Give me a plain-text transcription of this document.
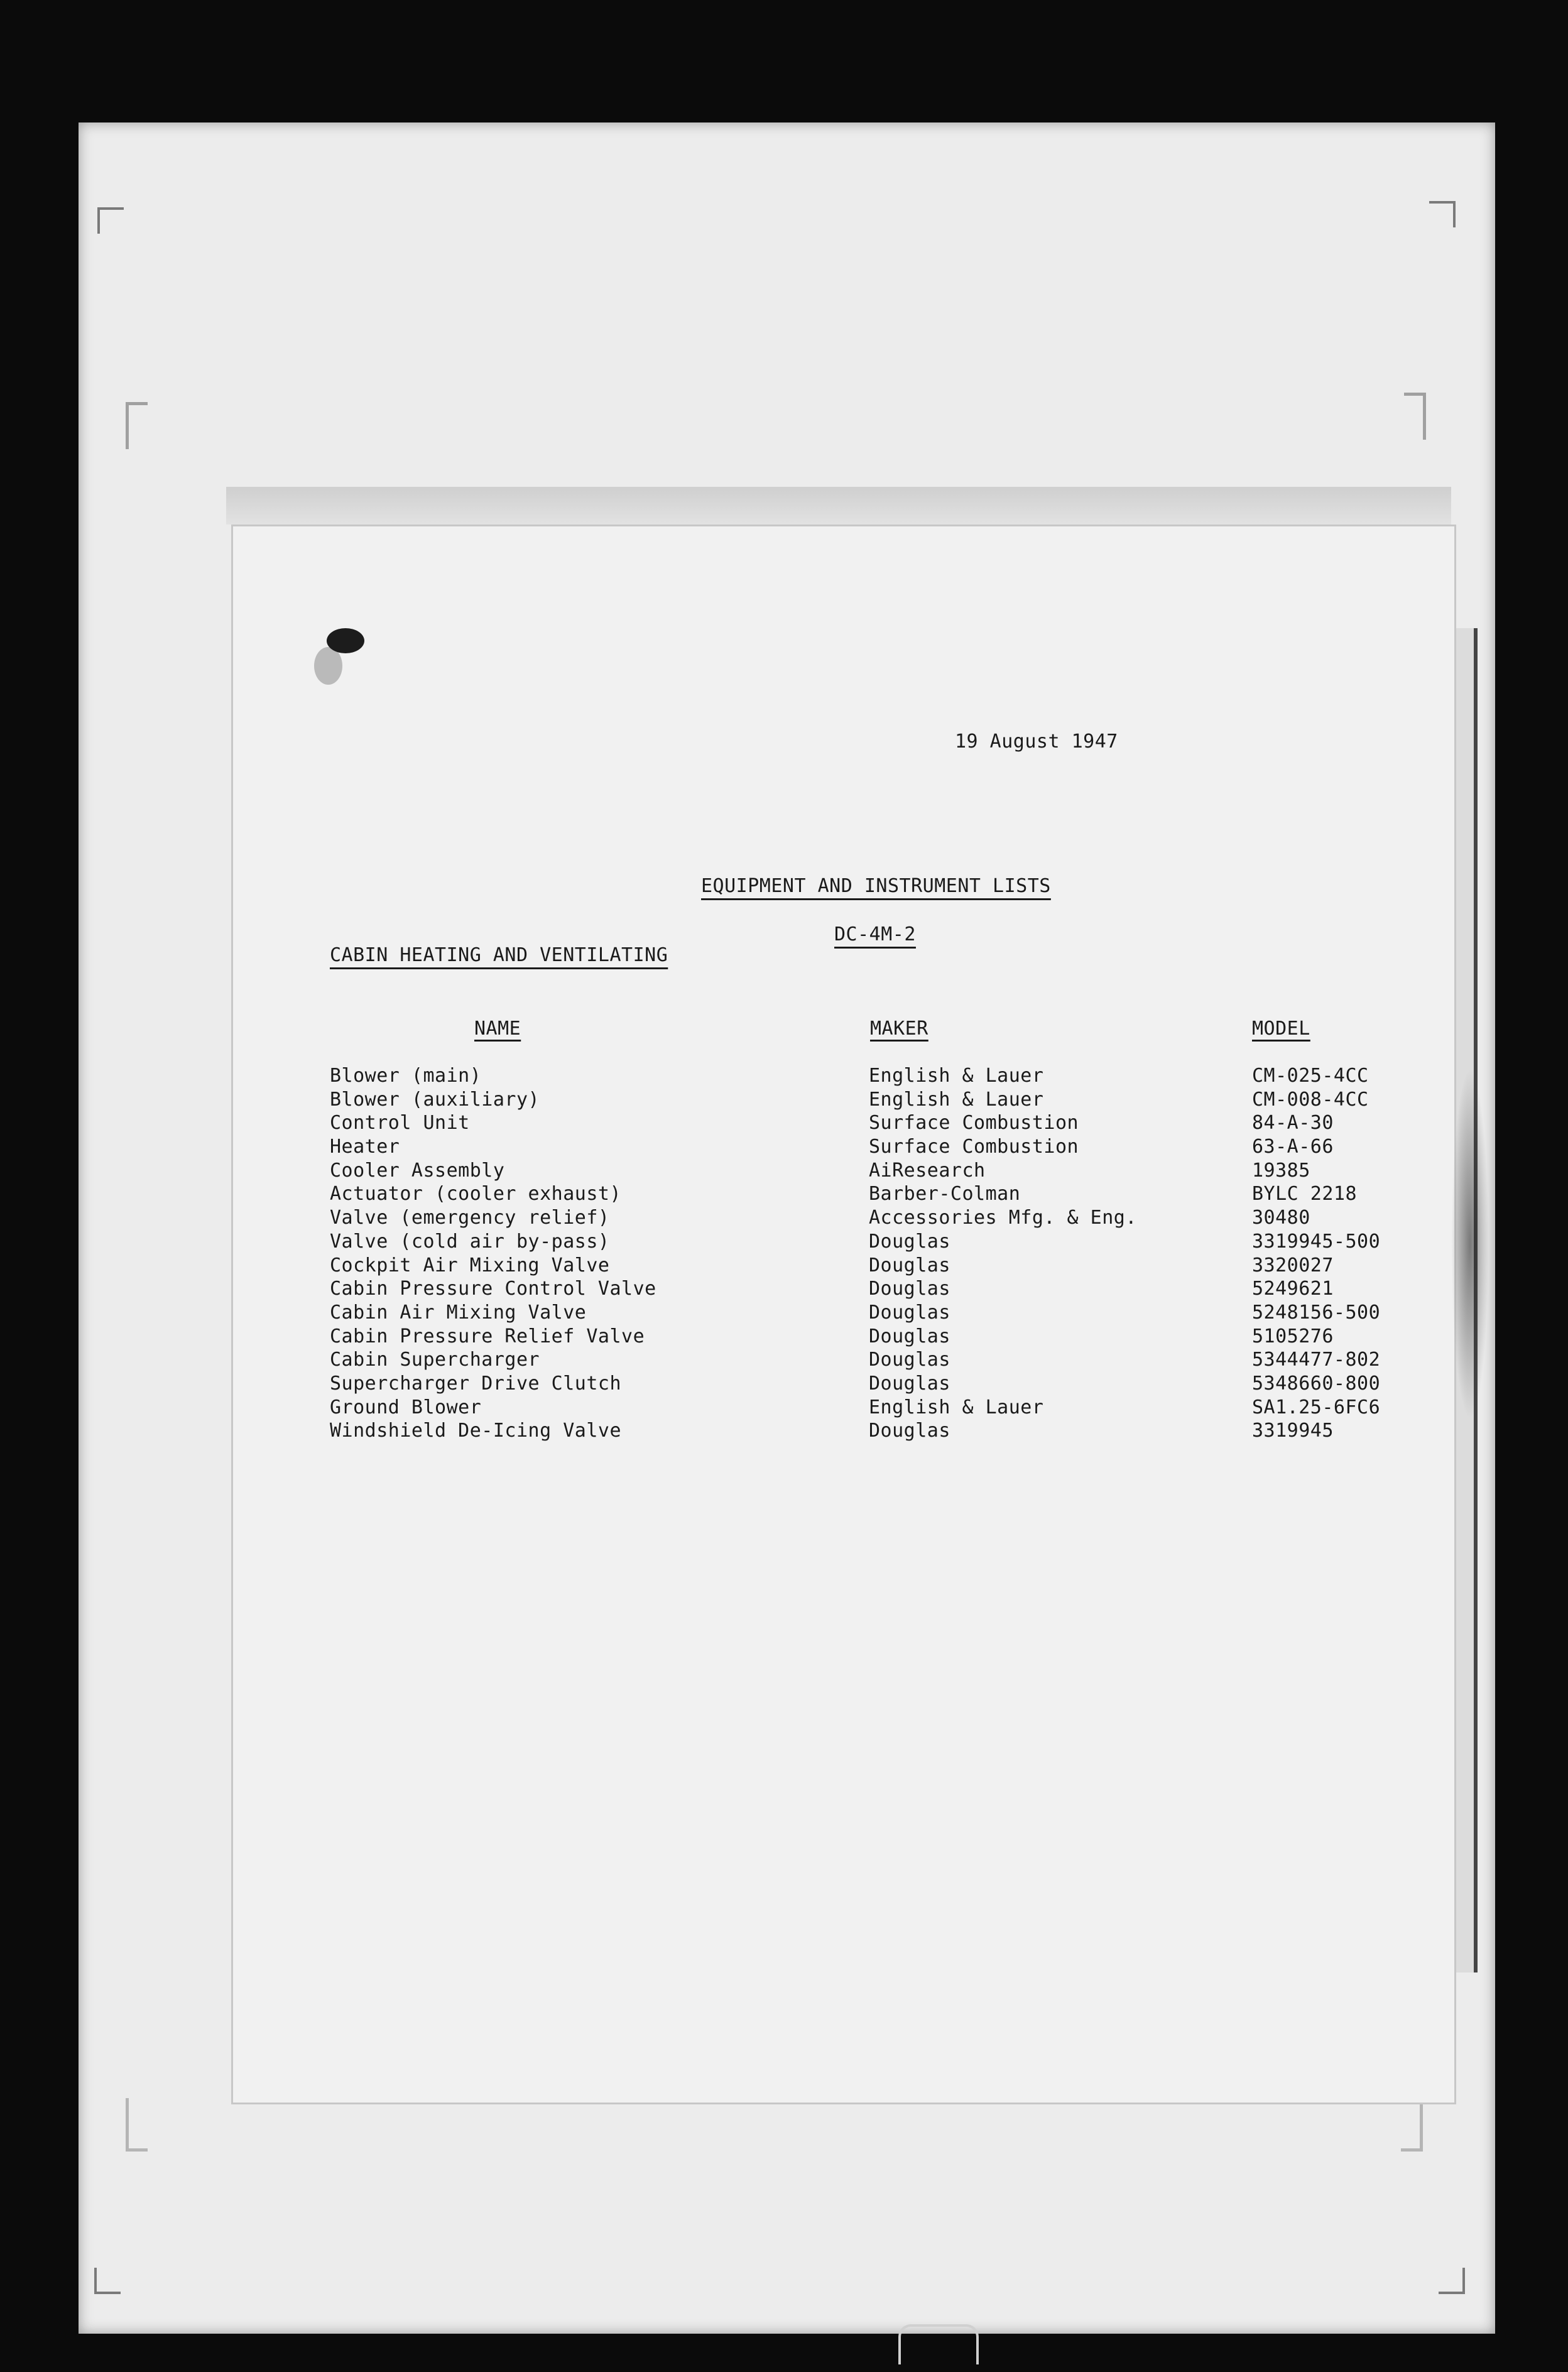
19 August 1947
EQUIPMENT AND INSTRUMENT LISTS
DC-4M-2
CABIN HEATING AND VENTILATING
NAME	MAKER	MODEL
Blower (main)	English & Lauer	CM-025-4CC
Blower (auxiliary)	English & Lauer	CM-008-4CC
Control Unit	Surface Combustion	84-A-30
Heater	Surface Combustion	63-A-66
Cooler Assembly	AiResearch	19385
Actuator (cooler exhaust)	Barber-Colman	BYLC 2218
Valve (emergency relief)	Accessories Mfg. & Eng.	30480
Valve (cold air by-pass)	Douglas	3319945-500
Cockpit Air Mixing Valve	Douglas	3320027
Cabin Pressure Control Valve	Douglas	5249621
Cabin Air Mixing Valve	Douglas	5248156-500
Cabin Pressure Relief Valve	Douglas	5105276
Cabin Supercharger	Douglas	5344477-802
Supercharger Drive Clutch	Douglas	5348660-800
Ground Blower	English & Lauer	SA1.25-6FC6
Windshield De-Icing Valve	Douglas	3319945
